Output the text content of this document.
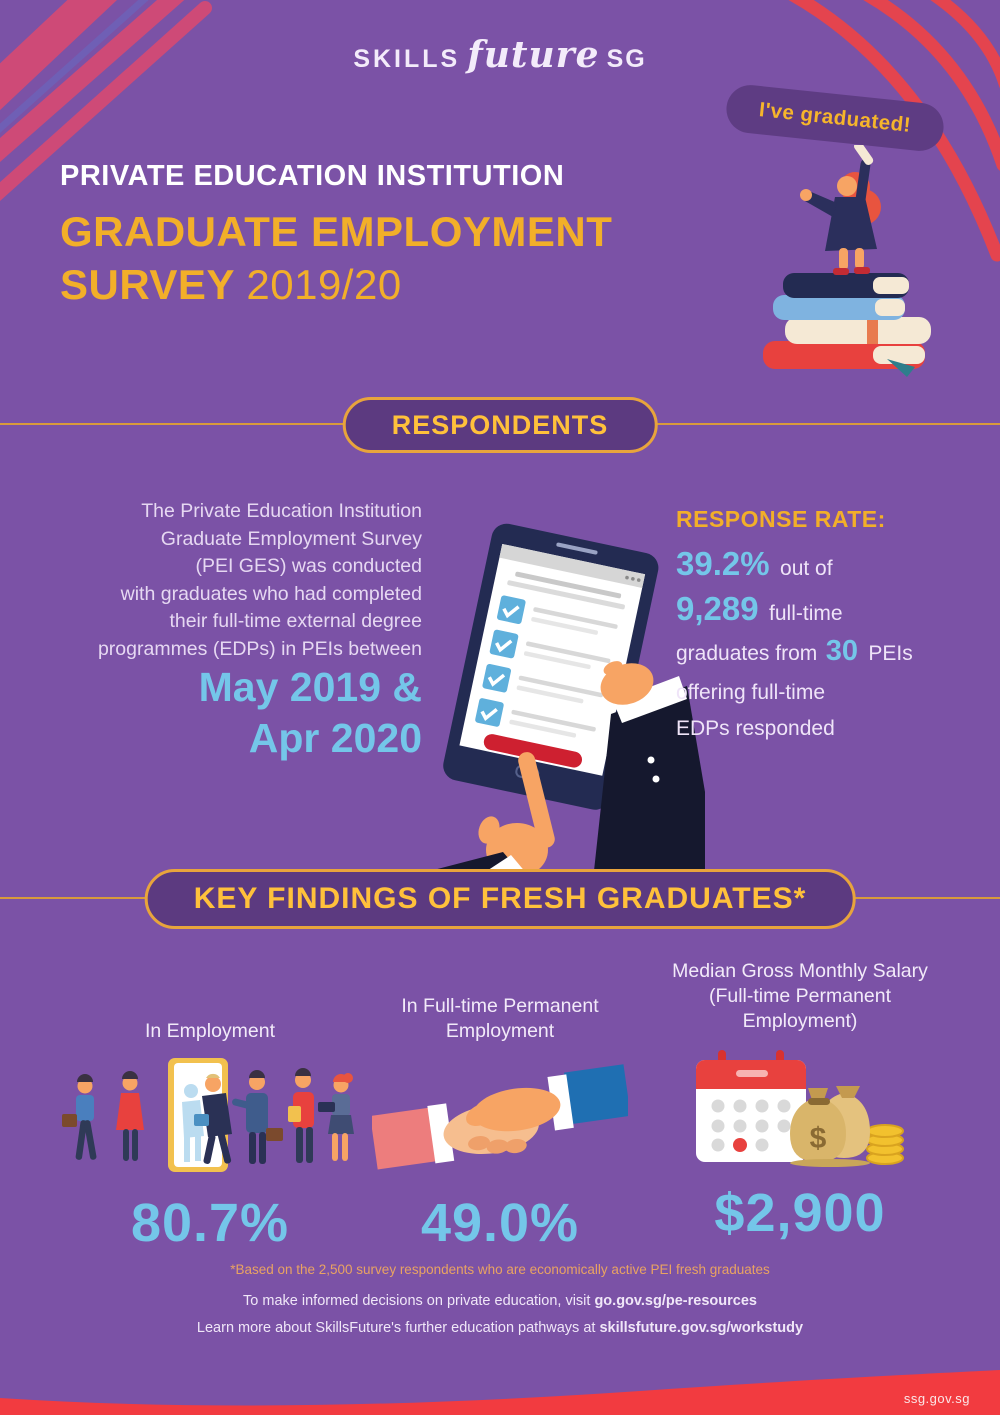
SKILLS future SG
I've graduated!
PRIVATE EDUCATION INSTITUTION
GRADUATE EMPLOYMENT
SURVEY 2019/20
RESPONDENTS
The Private Education Institution
Graduate Employment Survey
(PEI GES) was conducted
with graduates who had completed
their full-time external degree
programmes (EDPs) in PEIs between
May 2019 &
Apr 2020
RESPONSE RATE:
39.2% out of
9,289 full-time
graduates from 30 PEIs
offering full-time
EDPs responded
KEY FINDINGS OF FRESH GRADUATES*
In Employment
80.7%
In Full-time Permanent Employment
49.0%
Median Gross Monthly Salary (Full-time Permanent Employment)
$
$2,900
*Based on the 2,500 survey respondents who are economically active PEI fresh graduates
To make informed decisions on private education, visit go.gov.sg/pe-resources
Learn more about SkillsFuture's further education pathways at skillsfuture.gov.sg/workstudy
ssg.gov.sg
